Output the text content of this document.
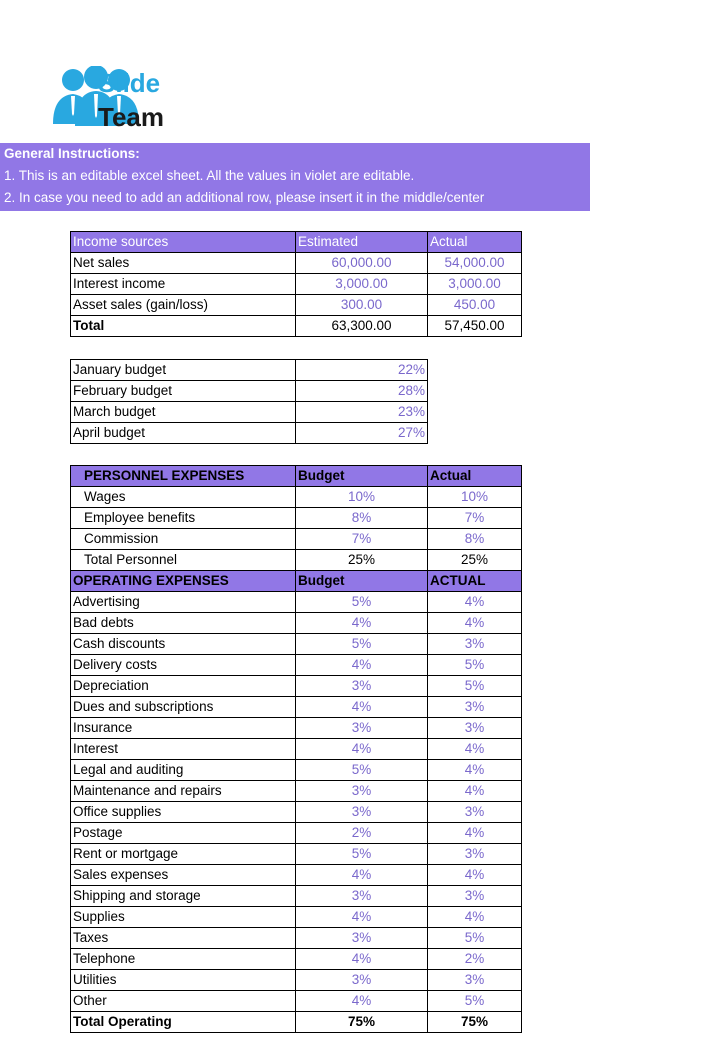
Slide
Team
General Instructions:
1. This is an editable excel sheet. All the values in violet are editable.
2. In case you need to add an additional row, please insert it in the middle/center
Income sources	Estimated	Actual
Net sales	60,000.00	54,000.00
Interest income	3,000.00	3,000.00
Asset sales (gain/loss)	300.00	450.00
Total	63,300.00	57,450.00
January budget	22%
February budget	28%
March budget	23%
April budget	27%
PERSONNEL EXPENSES	Budget	Actual
Wages	10%	10%
Employee benefits	8%	7%
Commission	7%	8%
Total Personnel	25%	25%
OPERATING EXPENSES	Budget	ACTUAL
Advertising	5%	4%
Bad debts	4%	4%
Cash discounts	5%	3%
Delivery costs	4%	5%
Depreciation	3%	5%
Dues and subscriptions	4%	3%
Insurance	3%	3%
Interest	4%	4%
Legal and auditing	5%	4%
Maintenance and repairs	3%	4%
Office supplies	3%	3%
Postage	2%	4%
Rent or mortgage	5%	3%
Sales expenses	4%	4%
Shipping and storage	3%	3%
Supplies	4%	4%
Taxes	3%	5%
Telephone	4%	2%
Utilities	3%	3%
Other	4%	5%
Total Operating	75%	75%
